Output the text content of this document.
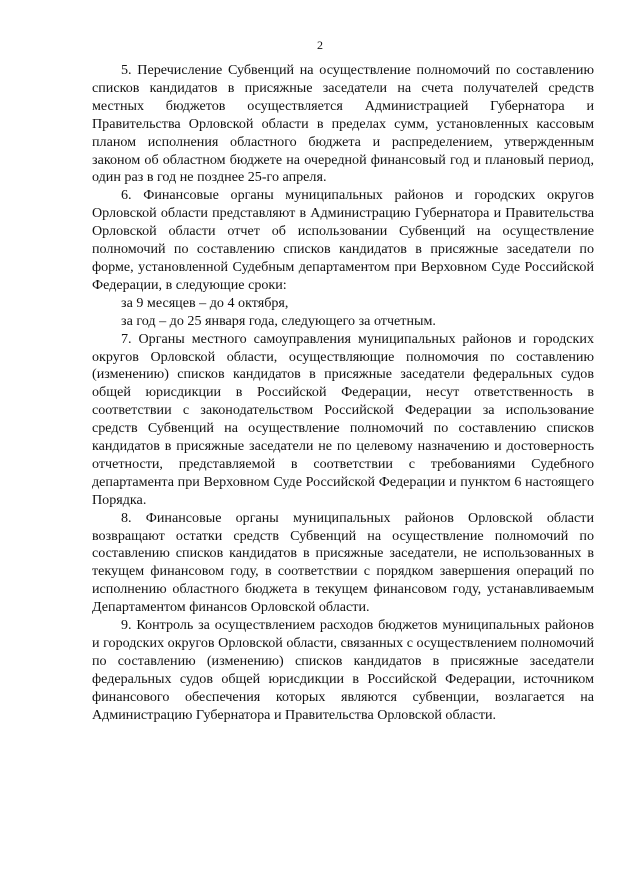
2

5. Перечисление Субвенций на осуществление полномочий по составлению списков кандидатов в присяжные заседатели на счета получателей средств местных бюджетов осуществляется Администрацией Губернатора и Правительства Орловской области в пределах сумм, установленных кассовым планом исполнения областного бюджета и распределением, утвержденным законом об областном бюджете на очередной финансовый год и плановый период, один раз в год не позднее 25-го апреля.

6. Финансовые органы муниципальных районов и городских округов Орловской области представляют в Администрацию Губернатора и Правительства Орловской области отчет об использовании Субвенций на осуществление полномочий по составлению списков кандидатов в присяжные заседатели по форме, установленной Судебным департаментом при Верховном Суде Российской Федерации, в следующие сроки:

за 9 месяцев – до 4 октября,

за год – до 25 января года, следующего за отчетным.

7. Органы местного самоуправления муниципальных районов и городских округов Орловской области, осуществляющие полномочия по составлению (изменению) списков кандидатов в присяжные заседатели федеральных судов общей юрисдикции в Российской Федерации, несут ответственность в соответствии с законодательством Российской Федерации за использование средств Субвенций на осуществление полномочий по составлению списков кандидатов в присяжные заседатели не по целевому назначению и достоверность отчетности, представляемой в соответствии с требованиями Судебного департамента при Верховном Суде Российской Федерации и пунктом 6 настоящего Порядка.

8. Финансовые органы муниципальных районов Орловской области возвращают остатки средств Субвенций на осуществление полномочий по составлению списков кандидатов в присяжные заседатели, не использованных в текущем финансовом году, в соответствии с порядком завершения операций по исполнению областного бюджета в текущем финансовом году, устанавливаемым Департаментом финансов Орловской области.

9. Контроль за осуществлением расходов бюджетов муниципальных районов и городских округов Орловской области, связанных с осуществлением полномочий по составлению (изменению) списков кандидатов в присяжные заседатели федеральных судов общей юрисдикции в Российской Федерации, источником финансового обеспечения которых являются субвенции, возлагается на Администрацию Губернатора и Правительства Орловской области.
